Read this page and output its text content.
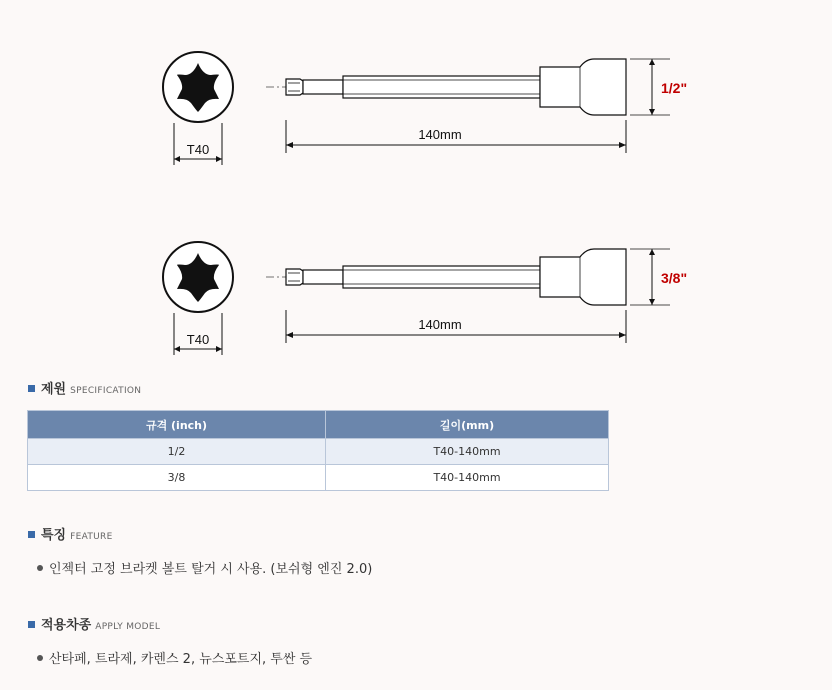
T40
1/2"
140mm
T40
3/8"
140mm
제원 SPECIFICATION
규격 (inch)	길이(mm)
1/2	T40-140mm
3/8	T40-140mm
특징 FEATURE
인젝터 고정 브라켓 볼트 탈거 시 사용. (보쉬형 엔진 2.0)
적용차종 APPLY MODEL
산타페, 트라제, 카렌스 2, 뉴스포트지, 투싼 등
